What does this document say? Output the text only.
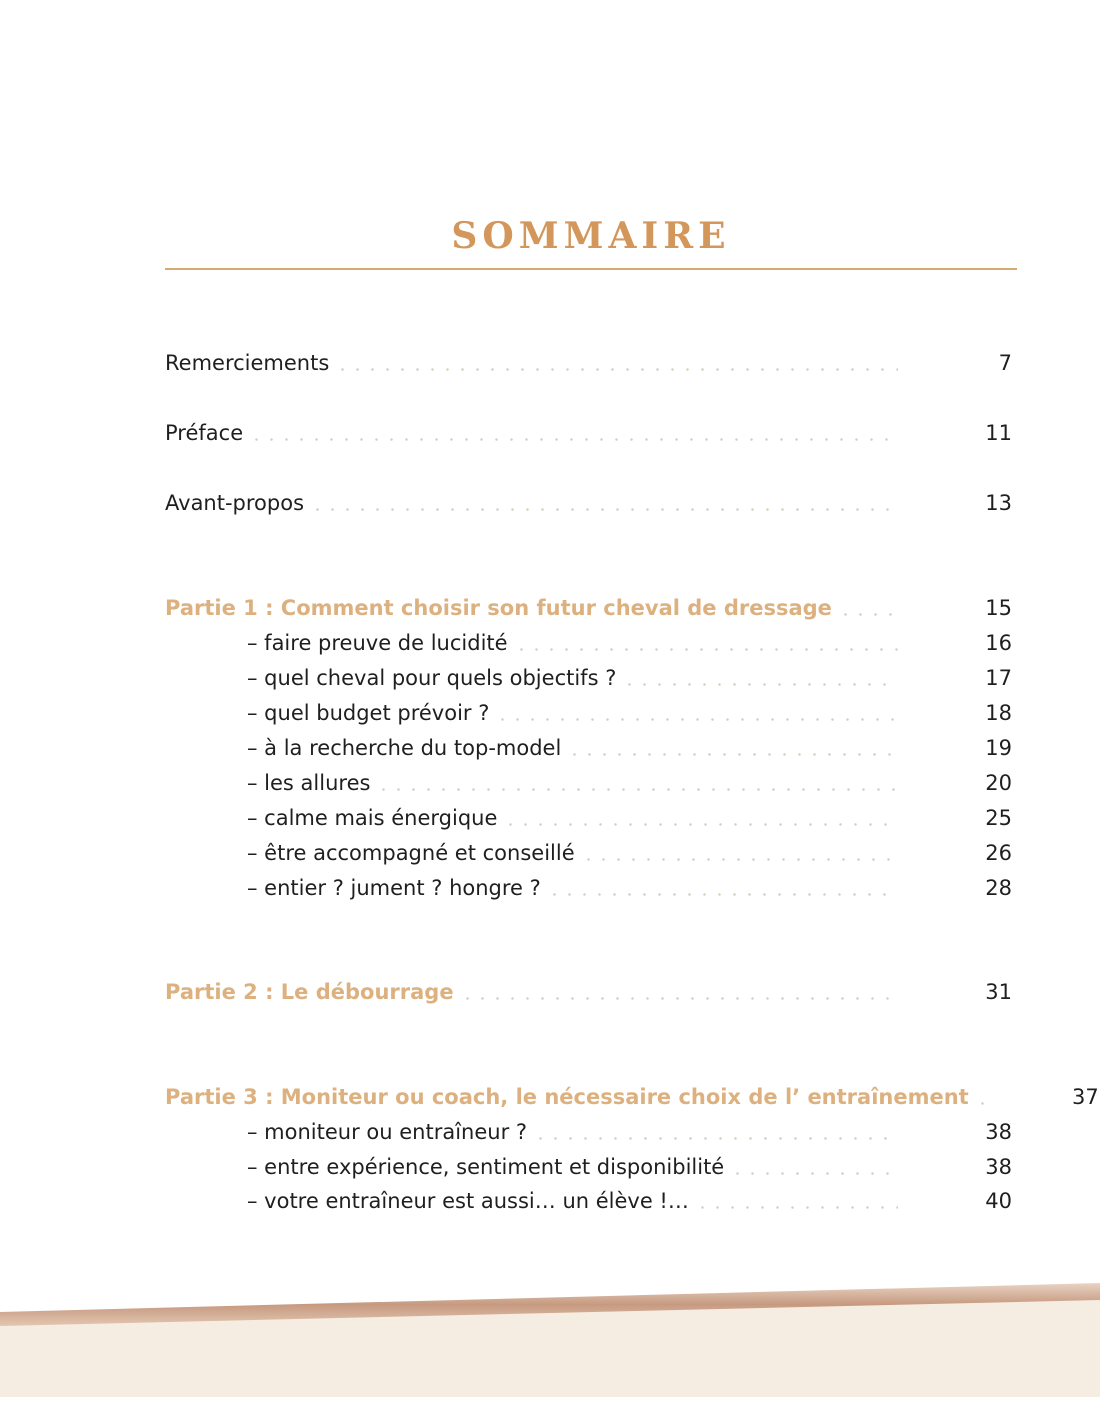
SOMMAIRE
Remerciements	7
Préface	11
Avant-propos	13
Partie 1 : Comment choisir son futur cheval de dressage	15
– faire preuve de lucidité	16
– quel cheval pour quels objectifs ?	17
– quel budget prévoir ?	18
– à la recherche du top-model	19
– les allures	20
– calme mais énergique	25
– être accompagné et conseillé	26
– entier ? jument ? hongre ?	28
Partie 2 : Le débourrage	31
Partie 3 : Moniteur ou coach, le nécessaire choix de l’ entraînement	37
– moniteur ou entraîneur ?	38
– entre expérience, sentiment et disponibilité	38
– votre entraîneur est aussi… un élève !…	40
